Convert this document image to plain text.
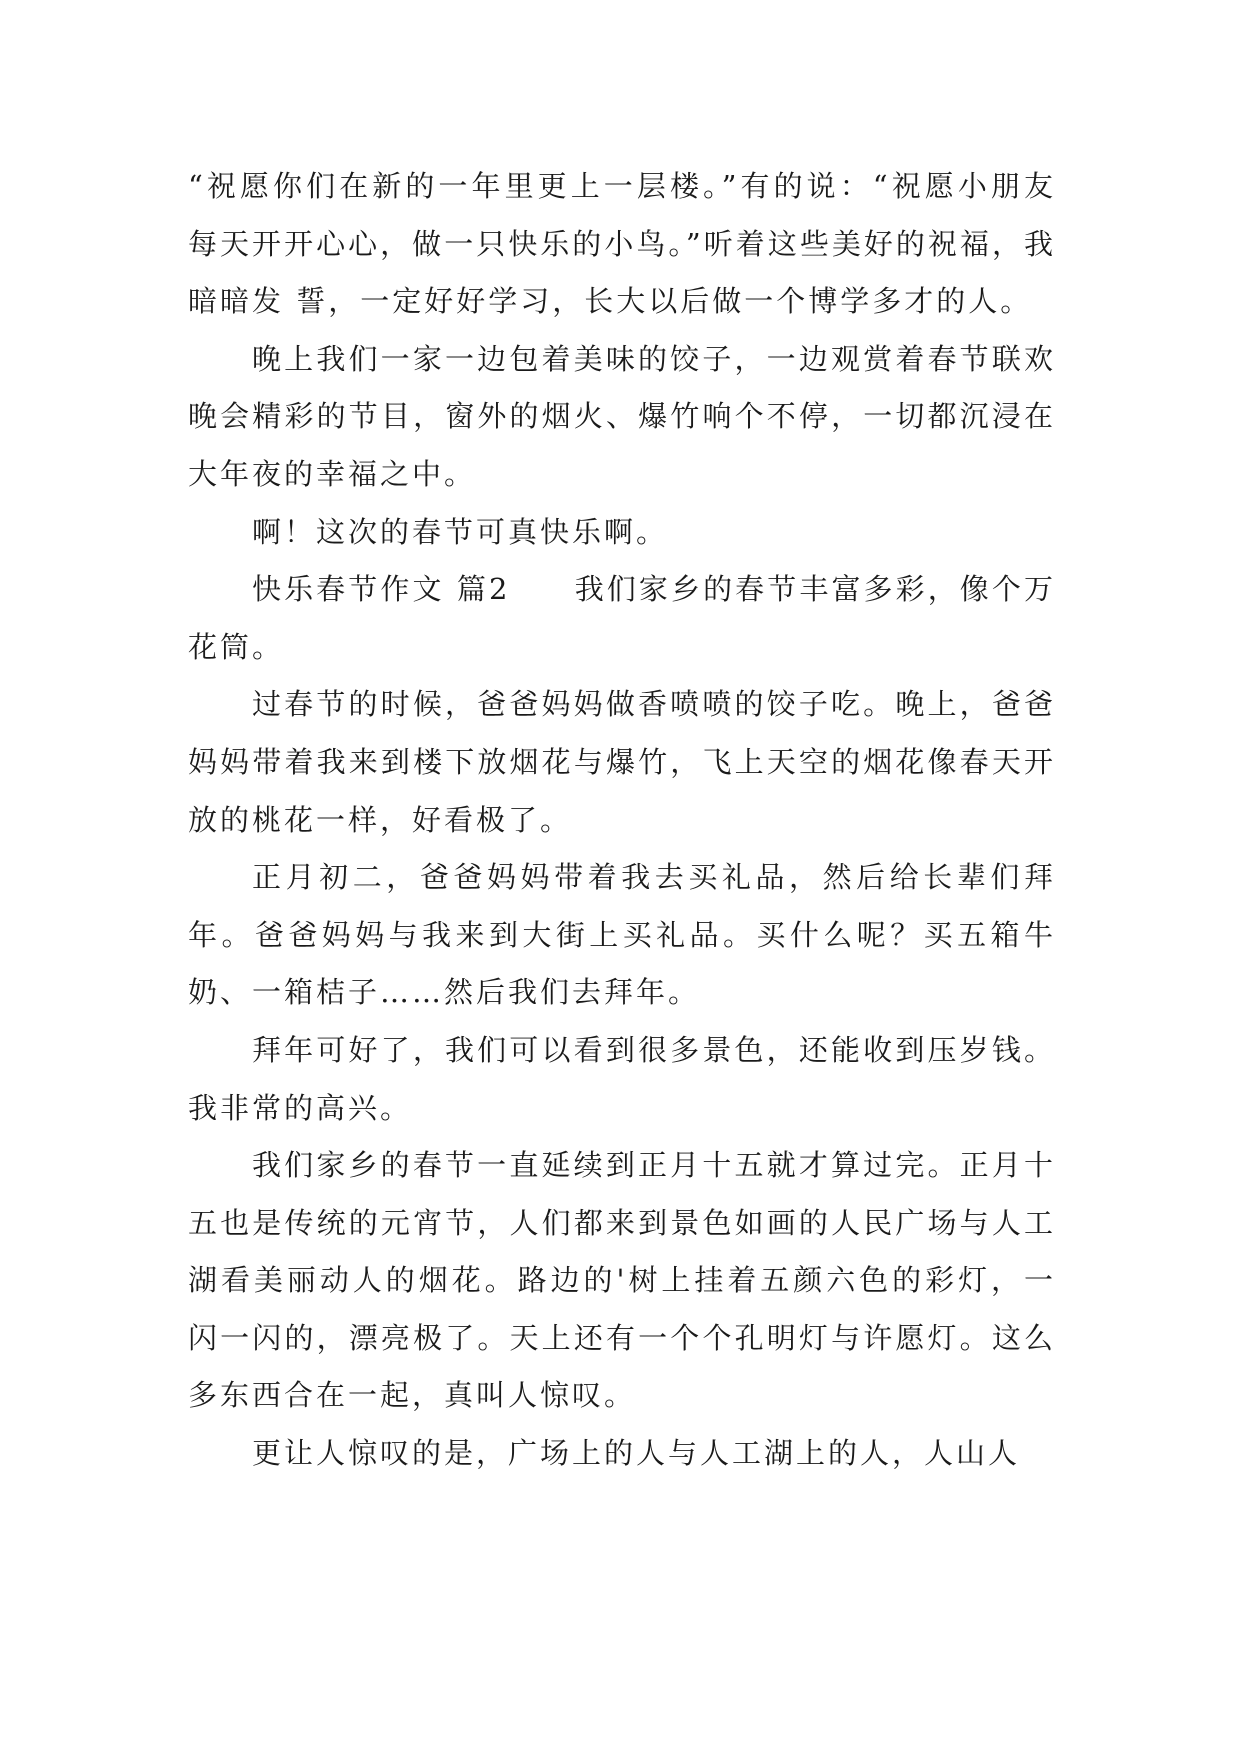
“祝愿你们在新的一年里更上一层楼。”有的说：“祝愿小朋友每天开开心心，做一只快乐的小鸟。”听着这些美好的祝福，我暗暗发 誓，一定好好学习，长大以后做一个博学多才的人。

晚上我们一家一边包着美味的饺子，一边观赏着春节联欢晚会精彩的节目，窗外的烟火、爆竹响个不停，一切都沉浸在大年夜的幸福之中。

啊！这次的春节可真快乐啊。

快乐春节作文 篇2　　我们家乡的春节丰富多彩，像个万花筒。

过春节的时候，爸爸妈妈做香喷喷的饺子吃。晚上，爸爸妈妈带着我来到楼下放烟花与爆竹，飞上天空的烟花像春天开放的桃花一样，好看极了。

正月初二，爸爸妈妈带着我去买礼品，然后给长辈们拜年。爸爸妈妈与我来到大街上买礼品。买什么呢？买五箱牛奶、一箱桔子……然后我们去拜年。

拜年可好了，我们可以看到很多景色，还能收到压岁钱。我非常的高兴。

我们家乡的春节一直延续到正月十五就才算过完。正月十五也是传统的元宵节，人们都来到景色如画的人民广场与人工湖看美丽动人的烟花。路边的'树上挂着五颜六色的彩灯，一闪一闪的，漂亮极了。天上还有一个个孔明灯与许愿灯。这么多东西合在一起，真叫人惊叹。

更让人惊叹的是，广场上的人与人工湖上的人，人山人
